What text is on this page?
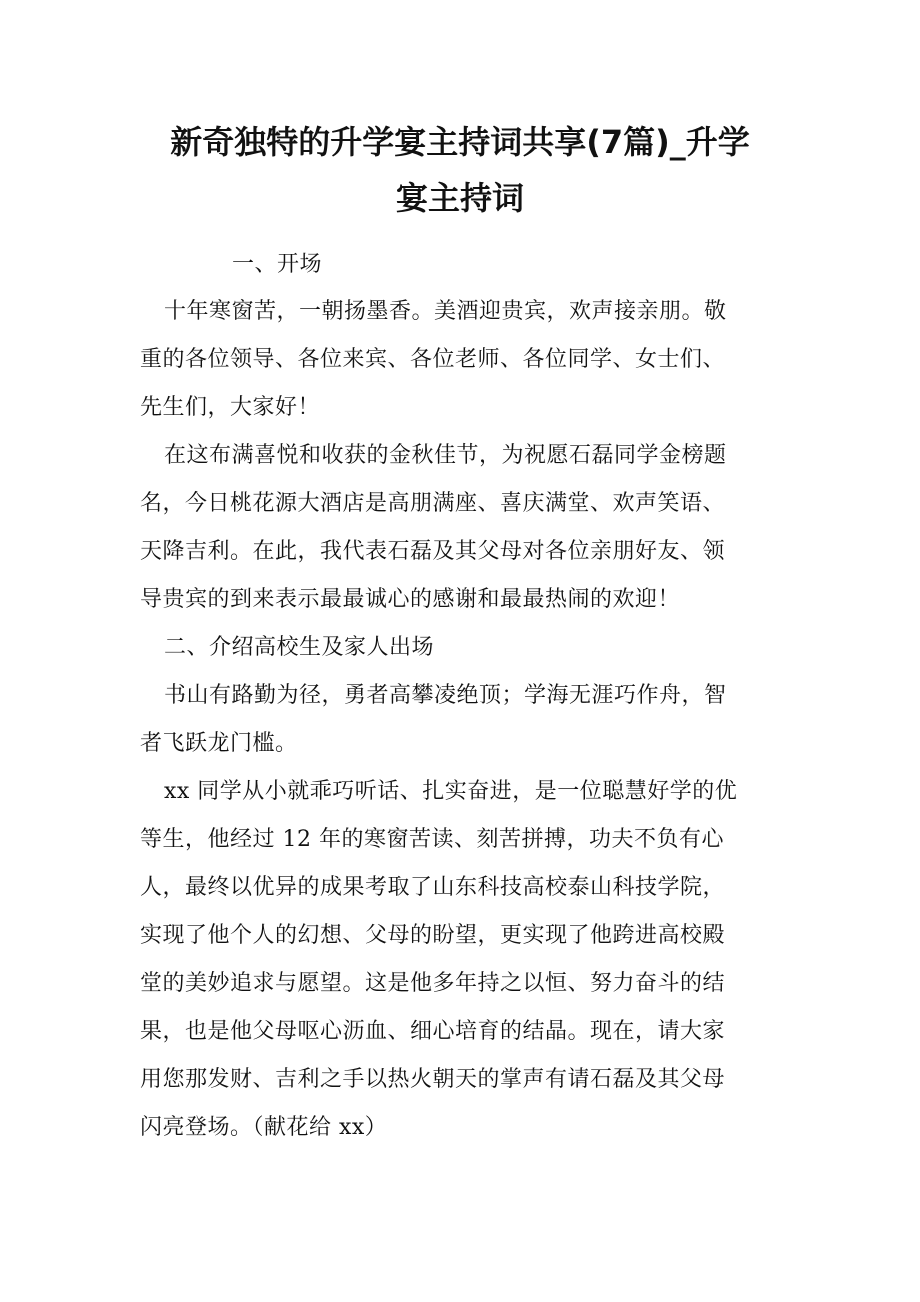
新奇独特的升学宴主持词共享(7篇)_升学
宴主持词
一、开场
十年寒窗苦，一朝扬墨香。美酒迎贵宾，欢声接亲朋。敬
重的各位领导、各位来宾、各位老师、各位同学、女士们、
先生们，大家好！
在这布满喜悦和收获的金秋佳节，为祝愿石磊同学金榜题
名，今日桃花源大酒店是高朋满座、喜庆满堂、欢声笑语、
天降吉利。在此，我代表石磊及其父母对各位亲朋好友、领
导贵宾的到来表示最最诚心的感谢和最最热闹的欢迎！
二、介绍高校生及家人出场
书山有路勤为径，勇者高攀凌绝顶；学海无涯巧作舟，智
者飞跃龙门槛。
xx 同学从小就乖巧听话、扎实奋进，是一位聪慧好学的优
等生，他经过 12 年的寒窗苦读、刻苦拼搏，功夫不负有心
人，最终以优异的成果考取了山东科技高校泰山科技学院，
实现了他个人的幻想、父母的盼望，更实现了他跨进高校殿
堂的美妙追求与愿望。这是他多年持之以恒、努力奋斗的结
果，也是他父母呕心沥血、细心培育的结晶。现在，请大家
用您那发财、吉利之手以热火朝天的掌声有请石磊及其父母
闪亮登场。（献花给 xx）
